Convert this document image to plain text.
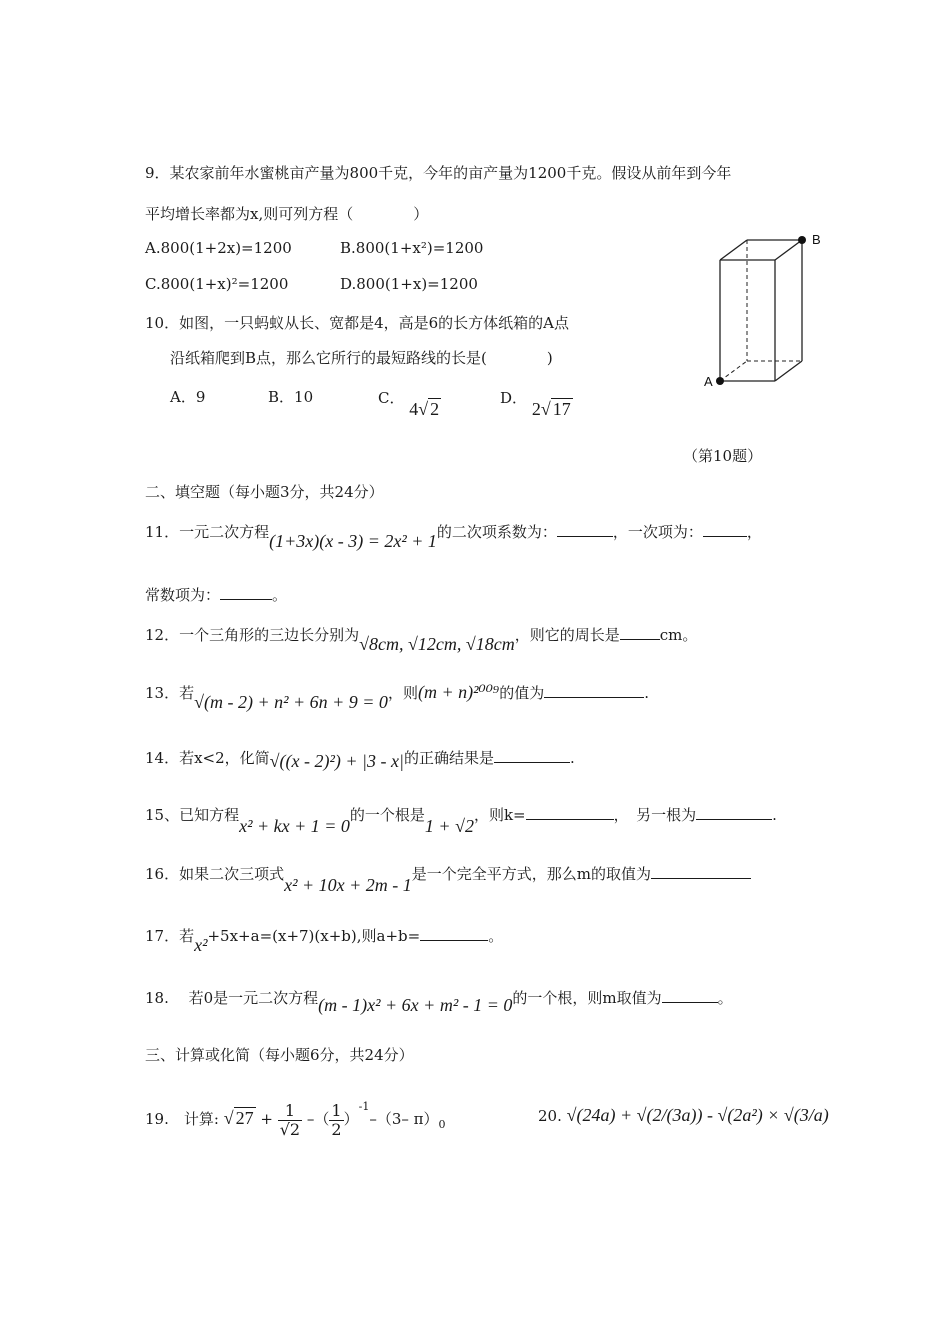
9．某农家前年水蜜桃亩产量为800千克，今年的亩产量为1200千克。假设从前年到今年
平均增长率都为x,则可列方程（　　　　）
A.800(1+2x)=1200	B.800(1+x²)=1200
C.800(1+x)²=1200	D.800(1+x)=1200
10．如图，一只蚂蚁从长、宽都是4，高是6的长方体纸箱的A点
沿纸箱爬到B点，那么它所行的最短路线的长是(　　　　)
A．9	B．10	C． 4√ 2
D． 2√ 17
A
B
（第10题）
二、填空题（每小题3分，共24分）
11．一元二次方程(1+3x)(x - 3) = 2x² + 1的二次项系数为：	，一次项为：	，
常数项为：	。
12．一个三角形的三边长分别为√8cm, √12cm, √18cm，则它的周长是	cm。
13．若√(m - 2) + n² + 6n + 9 = 0，则(m + n)²⁰⁰⁹的值为	.
14．若x<2，化简√((x - 2)²) + |3 - x|的正确结果是	.
15、已知方程x² + kx + 1 = 0的一个根是1 + √2，则k=	，　另一根为	.
16．如果二次三项式x² + 10x + 2m - 1是一个完全平方式，那么m的取值为
17．若x²+5x+a=(x+7)(x+b),则a+b=	。
18.　 若0是一元二次方程(m - 1)x² + 6x + m² - 1 = 0的一个根，则m取值为	。
三、计算或化简（每小题6分，共24分）
19.　计算: √ $27 + \frac{1}{√2}$ –（ $\frac{1}{2} )^{-1}-(3-$ $\pi)_0$	20. √(24a) + √(2/(3a)) - √(2a²) × √(3/a)
